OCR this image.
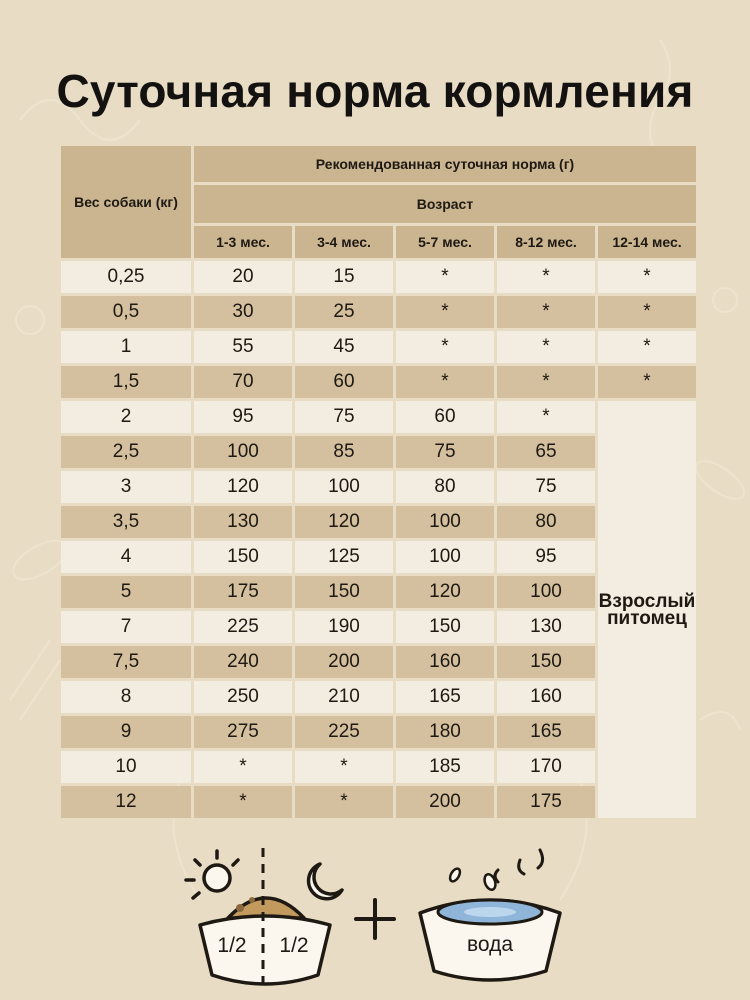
Суточная норма кормления
Вес собаки (кг)	Рекомендованная суточная норма (г)				
	Возраст				
	1-3 мес.	3-4 мес.	5-7 мес.	8-12 мес.	12-14 мес.
0,25	20	15	*	*	*
0,5	30	25	*	*	*
1	55	45	*	*	*
1,5	70	60	*	*	*
2	95	75	60	*	Взрослый питомец
2,5	100	85	75	65	
3	120	100	80	75	
3,5	130	120	100	80	
4	150	125	100	95	
5	175	150	120	100	
7	225	190	150	130	
7,5	240	200	160	150	
8	250	210	165	160	
9	275	225	180	165	
10	*	*	185	170	
12	*	*	200	175	
1/2 1/2	вода
